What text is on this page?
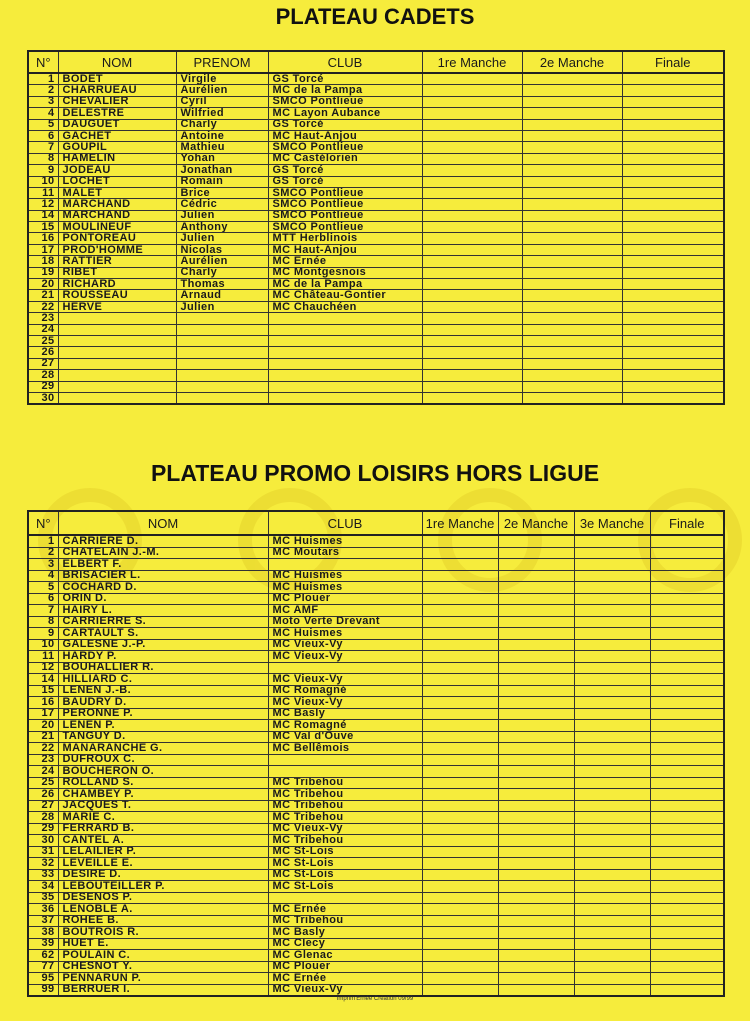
PLATEAU CADETS
N°	NOM	PRENOM	CLUB	1re Manche	2e Manche	Finale
1	BODET	Virgile	GS Torcé			
2	CHARRUEAU	Aurélien	MC de la Pampa			
3	CHEVALIER	Cyril	SMCO Pontlieue			
4	DELESTRE	Wilfried	MC Layon Aubance			
5	DAUGUET	Charly	GS Torcé			
6	GACHET	Antoine	MC Haut-Anjou			
7	GOUPIL	Mathieu	SMCO Pontlieue			
8	HAMELIN	Yohan	MC Castélorien			
9	JODEAU	Jonathan	GS Torcé			
10	LOCHET	Romain	GS Torcé			
11	MALET	Brice	SMCO Pontlieue			
12	MARCHAND	Cédric	SMCO Pontlieue			
14	MARCHAND	Julien	SMCO Pontlieue			
15	MOULINEUF	Anthony	SMCO Pontlieue			
16	PONTOREAU	Julien	MTT Herblinois			
17	PROD'HOMME	Nicolas	MC Haut-Anjou			
18	RATTIER	Aurélien	MC Ernée			
19	RIBET	Charly	MC Montgesnois			
20	RICHARD	Thomas	MC de la Pampa			
21	ROUSSEAU	Arnaud	MC Château-Gontier			
22	HERVE	Julien	MC Chauchéen			
23						
24						
25						
26						
27						
28						
29						
30						
PLATEAU PROMO LOISIRS HORS LIGUE
N°	NOM	CLUB	1re Manche	2e Manche	3e Manche	Finale
1	CARRIERE D.	MC Huismes				
2	CHATELAIN J.-M.	MC Moutars				
3	ELBERT F.					
4	BRISACIER L.	MC Huismes				
5	COCHARD D.	MC Huismes				
6	ORIN D.	MC Plouer				
7	HAIRY L.	MC AMF				
8	CARRIERRE S.	Moto Verte Drevant				
9	CARTAULT S.	MC Huismes				
10	GALESNE J.-P.	MC Vieux-Vy				
11	HARDY P.	MC Vieux-Vy				
12	BOUHALLIER R.					
14	HILLIARD C.	MC Vieux-Vy				
15	LENEN J.-B.	MC Romagné				
16	BAUDRY D.	MC Vieux-Vy				
17	PERONNE P.	MC Basly				
20	LENEN P.	MC Romagné				
21	TANGUY D.	MC Val d'Ouve				
22	MANARANCHE G.	MC Bellêmois				
23	DUFROUX C.					
24	BOUCHERON O.					
25	ROLLAND S.	MC Tribehou				
26	CHAMBEY P.	MC Tribehou				
27	JACQUES T.	MC Tribehou				
28	MARIE C.	MC Tribehou				
29	FERRARD B.	MC Vieux-Vy				
30	CANTEL A.	MC Tribehou				
31	LELAILIER P.	MC St-Lois				
32	LEVEILLE E.	MC St-Lois				
33	DESIRE D.	MC St-Lois				
34	LEBOUTEILLER P.	MC St-Lois				
35	DESENOS P.					
36	LENOBLE A.	MC Ernée				
37	ROHÉE B.	MC Tribehou				
38	BOUTROIS R.	MC Basly				
39	HUET E.	MC Clecy				
62	POULAIN C.	MC Glenac				
77	CHESNOT Y.	MC Plouer				
95	PENNARUN P.	MC Ernée				
99	BERRUER I.	MC Vieux-Vy				
Imprim'Ernée Création 09/99
